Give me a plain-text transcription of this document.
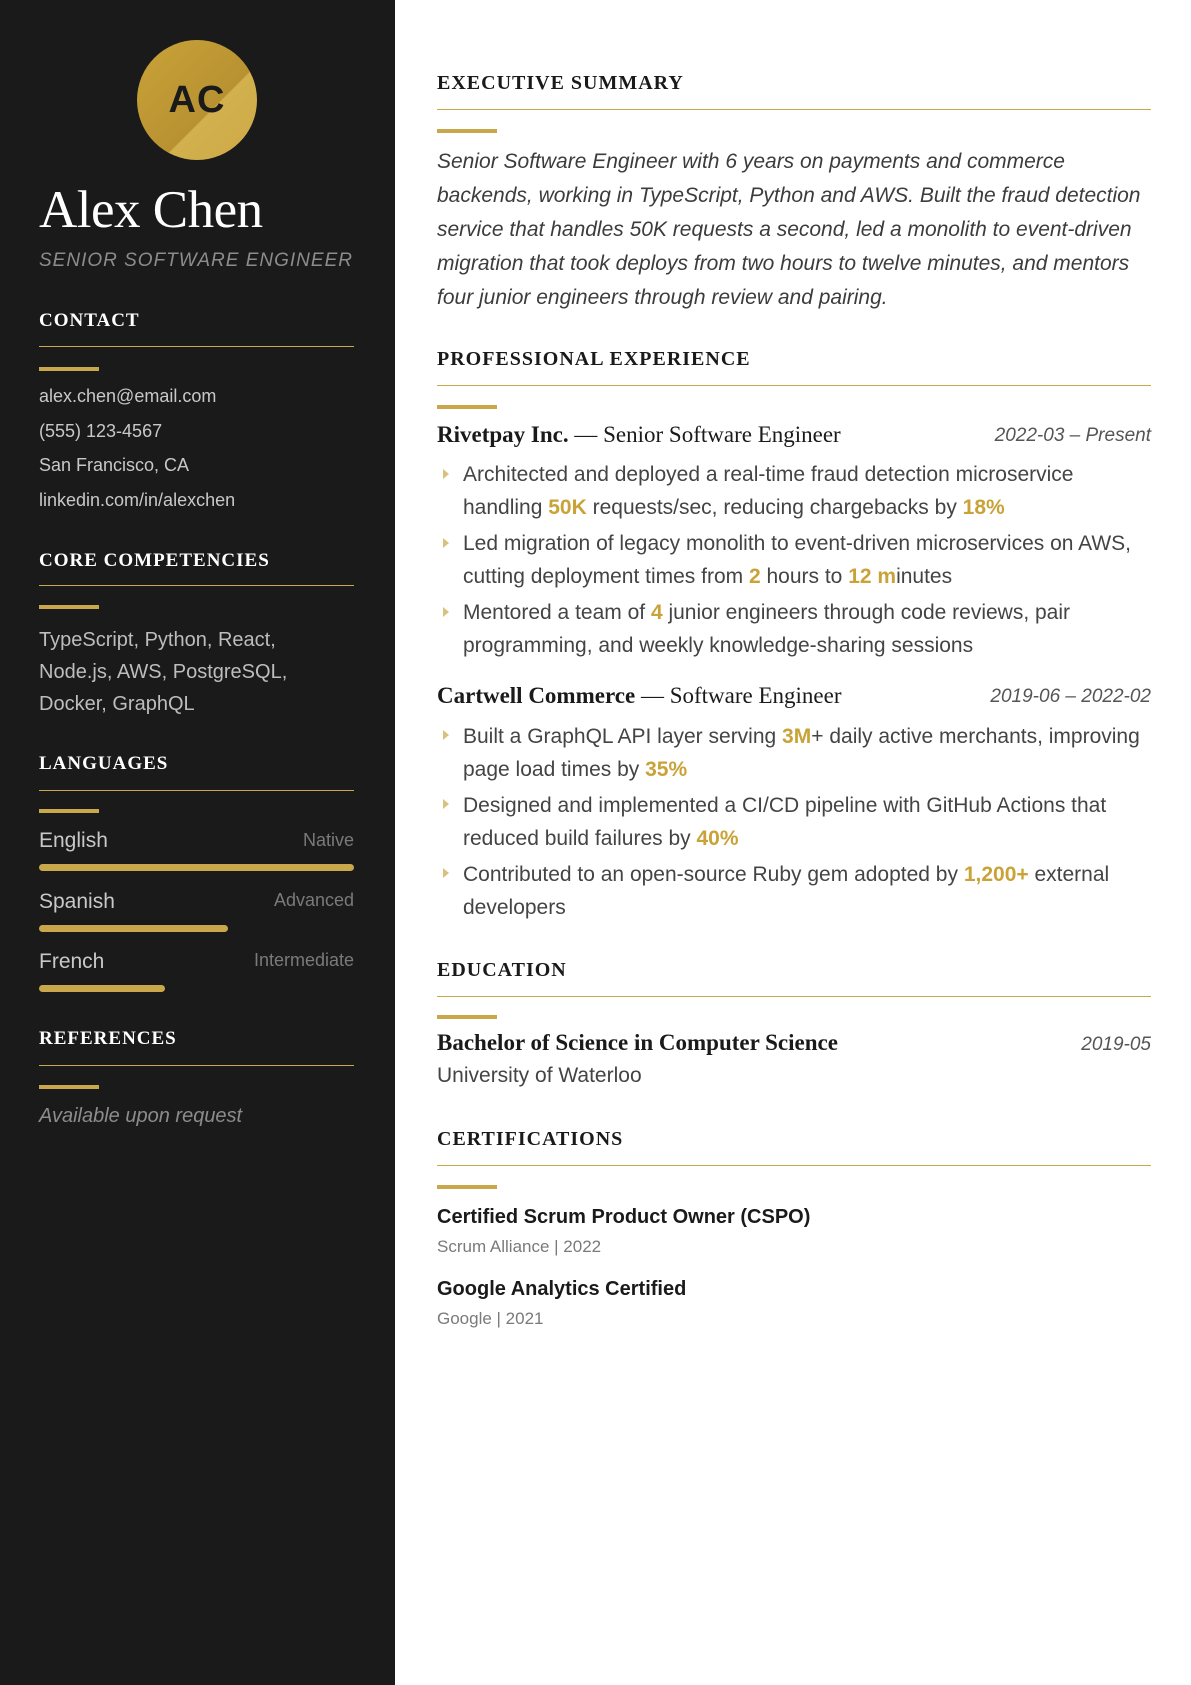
AC
Alex Chen
SENIOR SOFTWARE ENGINEER
CONTACT
alex.chen@email.com
(555) 123-4567
San Francisco, CA
linkedin.com/in/alexchen
CORE COMPETENCIES
TypeScript, Python, React, Node.js, AWS, PostgreSQL, Docker, GraphQL
LANGUAGES
English	Native
Spanish	Advanced
French	Intermediate
REFERENCES
Available upon request
EXECUTIVE SUMMARY

Senior Software Engineer with 6 years on payments and commerce backends, working in TypeScript, Python and AWS. Built the fraud detection service that handles 50K requests a second, led a monolith to event-driven migration that took deploys from two hours to twelve minutes, and mentors four junior engineers through review and pairing.

PROFESSIONAL EXPERIENCE
Rivetpay Inc. — Senior Software Engineer	2022-03 – Present

Architected and deployed a real-time fraud detection microservice handling 50K requests/sec, reducing chargebacks by 18%

Led migration of legacy monolith to event-driven microservices on AWS, cutting deployment times from 2 hours to 12 minutes

Mentored a team of 4 junior engineers through code reviews, pair programming, and weekly knowledge-sharing sessions

Cartwell Commerce — Software Engineer	2019-06 – 2022-02

Built a GraphQL API layer serving 3M+ daily active merchants, improving page load times by 35%

Designed and implemented a CI/CD pipeline with GitHub Actions that reduced build failures by 40%

Contributed to an open-source Ruby gem adopted by 1,200+ external developers

EDUCATION
Bachelor of Science in Computer Science	2019-05
University of Waterloo
CERTIFICATIONS
Certified Scrum Product Owner (CSPO)
Scrum Alliance | 2022
Google Analytics Certified
Google | 2021
